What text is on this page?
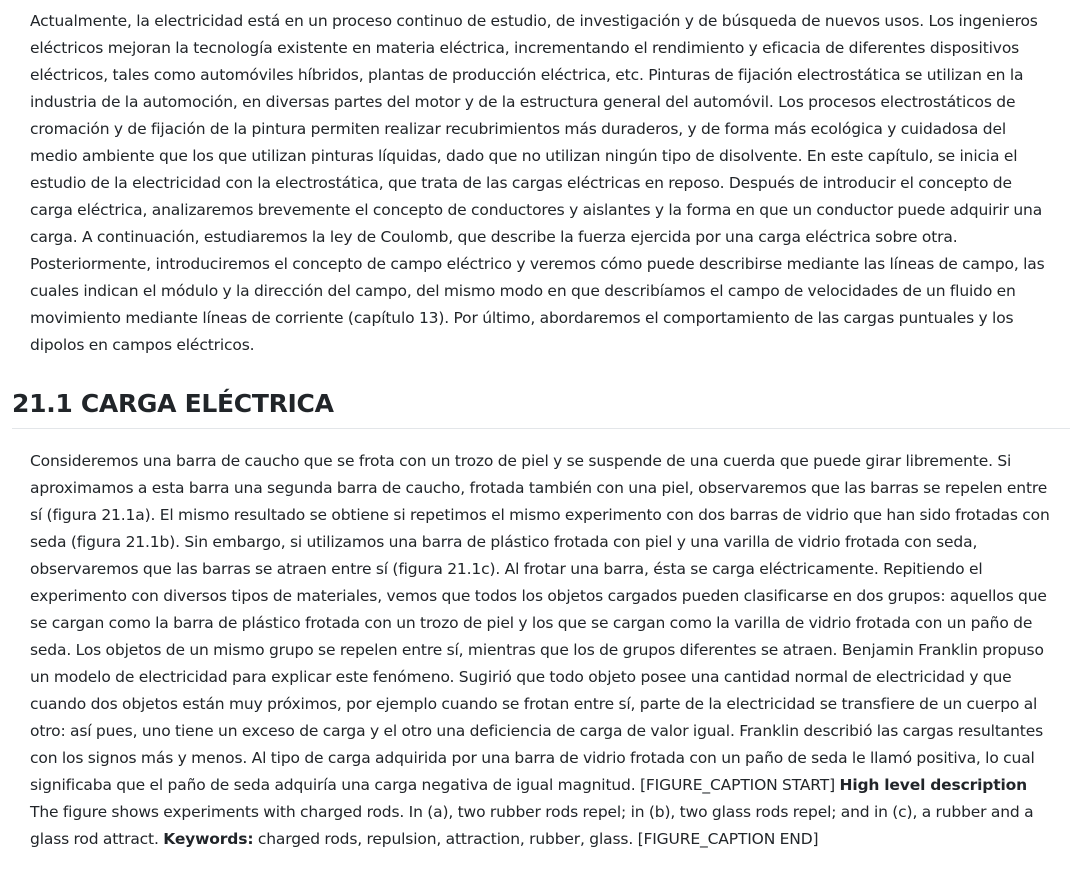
Actualmente, la electricidad está en un proceso continuo de estudio, de investigación y de búsqueda de nuevos usos. Los ingenieros eléctricos mejoran la tecnología existente en materia eléctrica, incrementando el rendimiento y eficacia de diferentes dispositivos eléctricos, tales como automóviles híbridos, plantas de producción eléctrica, etc. Pinturas de fijación electrostática se utilizan en la industria de la automoción, en diversas partes del motor y de la estructura general del automóvil. Los procesos electrostáticos de cromación y de fijación de la pintura permiten realizar recubrimientos más duraderos, y de forma más ecológica y cuidadosa del medio ambiente que los que utilizan pinturas líquidas, dado que no utilizan ningún tipo de disolvente. En este capítulo, se inicia el estudio de la electricidad con la electrostática, que trata de las cargas eléctricas en reposo. Después de introducir el concepto de carga eléctrica, analizaremos brevemente el concepto de conductores y aislantes y la forma en que un conductor puede adquirir una carga. A continuación, estudiaremos la ley de Coulomb, que describe la fuerza ejercida por una carga eléctrica sobre otra. Posteriormente, introduciremos el concepto de campo eléctrico y veremos cómo puede describirse mediante las líneas de campo, las cuales indican el módulo y la dirección del campo, del mismo modo en que describíamos el campo de velocidades de un fluido en movimiento mediante líneas de corriente (capítulo 13). Por último, abordaremos el comportamiento de las cargas puntuales y los dipolos en campos eléctricos.

21.1 CARGA ELÉCTRICA

Consideremos una barra de caucho que se frota con un trozo de piel y se suspende de una cuerda que puede girar libremente. Si aproximamos a esta barra una segunda barra de caucho, frotada también con una piel, observaremos que las barras se repelen entre sí (figura 21.1a). El mismo resultado se obtiene si repetimos el mismo experimento con dos barras de vidrio que han sido frotadas con seda (figura 21.1b). Sin embargo, si utilizamos una barra de plástico frotada con piel y una varilla de vidrio frotada con seda, observaremos que las barras se atraen entre sí (figura 21.1c). Al frotar una barra, ésta se carga eléctricamente. Repitiendo el experimento con diversos tipos de materiales, vemos que todos los objetos cargados pueden clasificarse en dos grupos: aquellos que se cargan como la barra de plástico frotada con un trozo de piel y los que se cargan como la varilla de vidrio frotada con un paño de seda. Los objetos de un mismo grupo se repelen entre sí, mientras que los de grupos diferentes se atraen. Benjamin Franklin propuso un modelo de electricidad para explicar este fenómeno. Sugirió que todo objeto posee una cantidad normal de electricidad y que cuando dos objetos están muy próximos, por ejemplo cuando se frotan entre sí, parte de la electricidad se transfiere de un cuerpo al otro: así pues, uno tiene un exceso de carga y el otro una deficiencia de carga de valor igual. Franklin describió las cargas resultantes con los signos más y menos. Al tipo de carga adquirida por una barra de vidrio frotada con un paño de seda le llamó positiva, lo cual significaba que el paño de seda adquiría una carga negativa de igual magnitud. [FIGURE_CAPTION START] High level description The figure shows experiments with charged rods. In (a), two rubber rods repel; in (b), two glass rods repel; and in (c), a rubber and a glass rod attract. Keywords: charged rods, repulsion, attraction, rubber, glass. [FIGURE_CAPTION END]
